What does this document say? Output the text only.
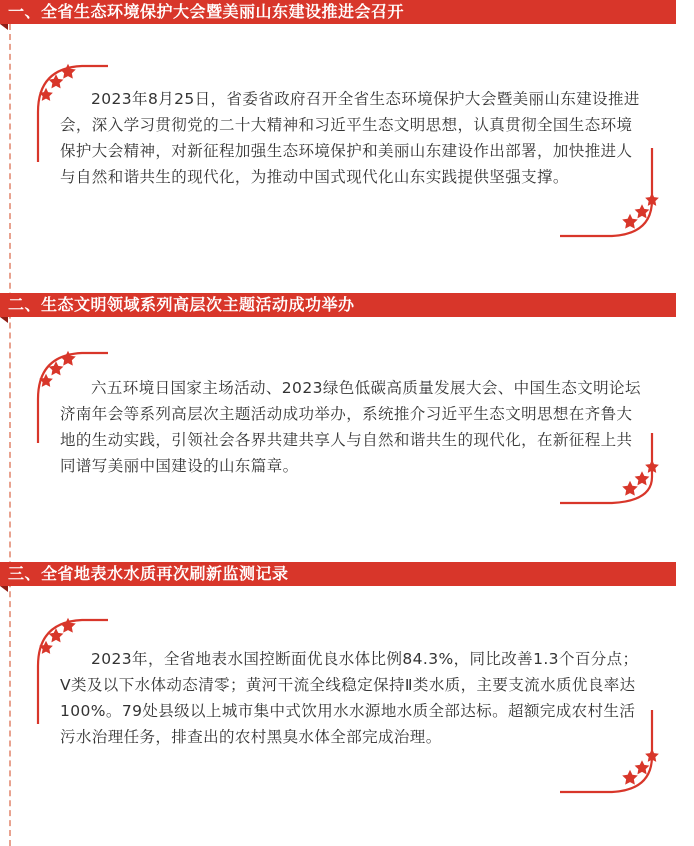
一、全省生态环境保护大会暨美丽山东建设推进会召开

2023年8月25日，省委省政府召开全省生态环境保护大会暨美丽山东建设推进会，深入学习贯彻党的二十大精神和习近平生态文明思想，认真贯彻全国生态环境保护大会精神，对新征程加强生态环境保护和美丽山东建设作出部署，加快推进人与自然和谐共生的现代化，为推动中国式现代化山东实践提供坚强支撑。

二、生态文明领域系列高层次主题活动成功举办

六五环境日国家主场活动、2023绿色低碳高质量发展大会、中国生态文明论坛济南年会等系列高层次主题活动成功举办，系统推介习近平生态文明思想在齐鲁大地的生动实践，引领社会各界共建共享人与自然和谐共生的现代化，在新征程上共同谱写美丽中国建设的山东篇章。

三、全省地表水水质再次刷新监测记录

2023年，全省地表水国控断面优良水体比例84.3%，同比改善1.3个百分点；Ⅴ类及以下水体动态清零；黄河干流全线稳定保持Ⅱ类水质，主要支流水质优良率达100%。79处县级以上城市集中式饮用水水源地水质全部达标。超额完成农村生活污水治理任务，排查出的农村黑臭水体全部完成治理。
